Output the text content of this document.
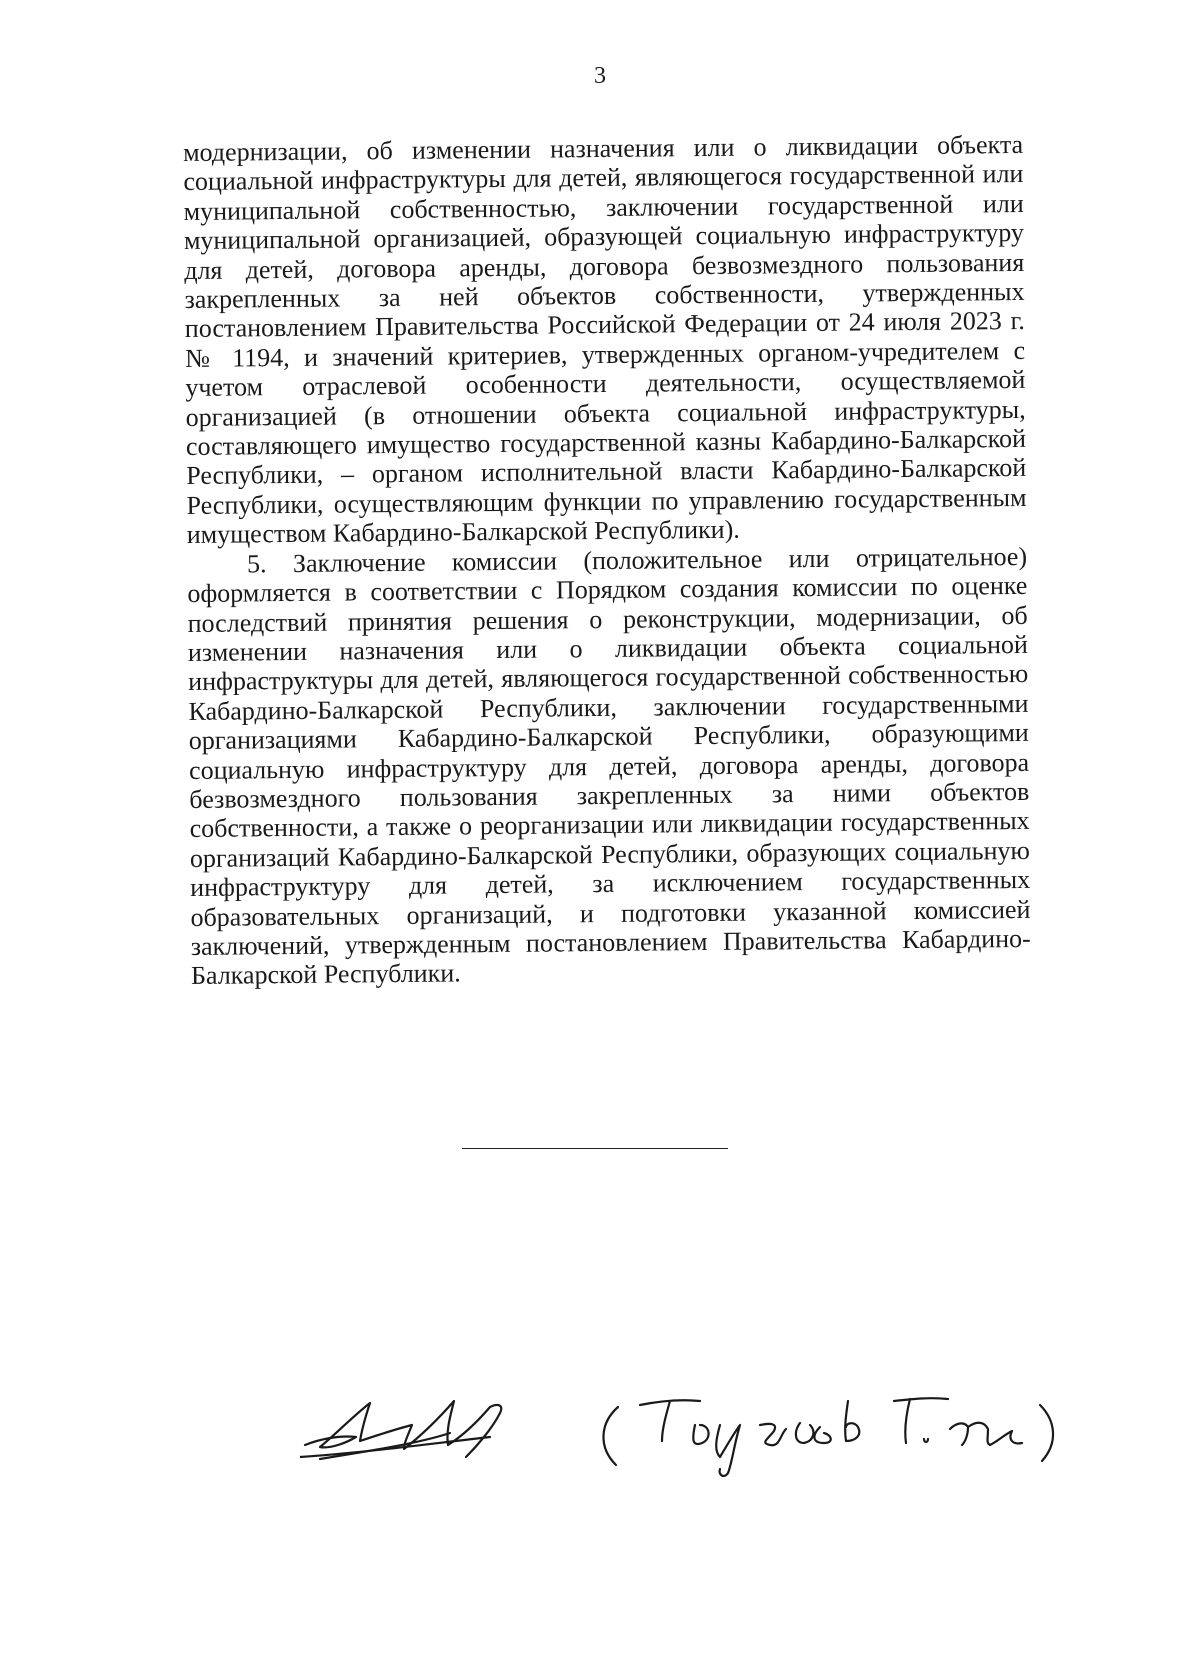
3

модернизации, об изменении назначения или о ликвидации объекта социальной инфраструктуры для детей, являющегося государственной или муниципальной собственностью, заключении государственной или муниципальной организацией, образующей социальную инфраструктуру для детей, договора аренды, договора безвозмездного пользования закрепленных за ней объектов собственности, утвержденных постановлением Правительства Российской Федерации от 24 июля 2023 г. № 1194, и значений критериев, утвержденных органом-учредителем с учетом отраслевой особенности деятельности, осуществляемой организацией (в отношении объекта социальной инфраструктуры, составляющего имущество государственной казны Кабардино-Балкарской Республики, – органом исполнительной власти Кабардино-Балкарской Республики, осуществляющим функции по управлению государственным имуществом Кабардино-Балкарской Республики).

5. Заключение комиссии (положительное или отрицательное) оформляется в соответствии с Порядком создания комиссии по оценке последствий принятия решения о реконструкции, модернизации, об изменении назначения или о ликвидации объекта социальной инфраструктуры для детей, являющегося государственной собственностью Кабардино-Балкарской Республики, заключении государственными организациями Кабардино-Балкарской Республики, образующими социальную инфраструктуру для детей, договора аренды, договора безвозмездного пользования закрепленных за ними объектов собственности, а также о реорганизации или ликвидации государственных организаций Кабардино-Балкарской Республики, образующих социальную инфраструктуру для детей, за исключением государственных образовательных организаций, и подготовки указанной комиссией заключений, утвержденным постановлением Правительства Кабардино-Балкарской Республики.
